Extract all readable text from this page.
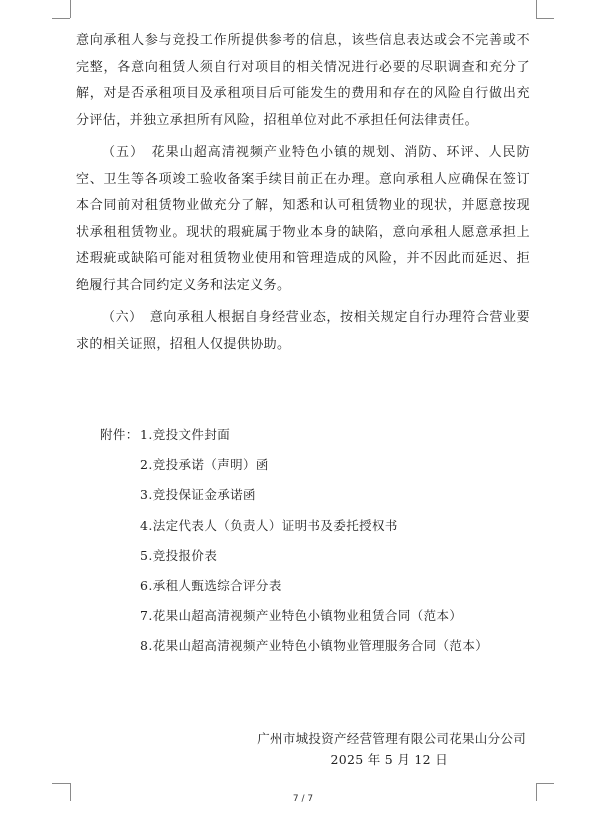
意向承租人参与竞投工作所提供参考的信息，该些信息表达或会不完善或不完整，各意向租赁人须自行对项目的相关情况进行必要的尽职调查和充分了解，对是否承租项目及承租项目后可能发生的费用和存在的风险自行做出充分评估，并独立承担所有风险，招租单位对此不承担任何法律责任。

（五）　花果山超高清视频产业特色小镇的规划、消防、环评、人民防空、卫生等各项竣工验收备案手续目前正在办理。意向承租人应确保在签订本合同前对租赁物业做充分了解，知悉和认可租赁物业的现状，并愿意按现状承租租赁物业。现状的瑕疵属于物业本身的缺陷，意向承租人愿意承担上述瑕疵或缺陷可能对租赁物业使用和管理造成的风险，并不因此而延迟、拒绝履行其合同约定义务和法定义务。

（六）　意向承租人根据自身经营业态，按相关规定自行办理符合营业要求的相关证照，招租人仅提供协助。

附件：1.竞投文件封面
2.竞投承诺（声明）函
3.竞投保证金承诺函
4.法定代表人（负责人）证明书及委托授权书
5.竞投报价表
6.承租人甄选综合评分表
7.花果山超高清视频产业特色小镇物业租赁合同（范本）
8.花果山超高清视频产业特色小镇物业管理服务合同（范本）
广州市城投资产经营管理有限公司花果山分公司
2025 年 5 月 12 日
7 / 7
